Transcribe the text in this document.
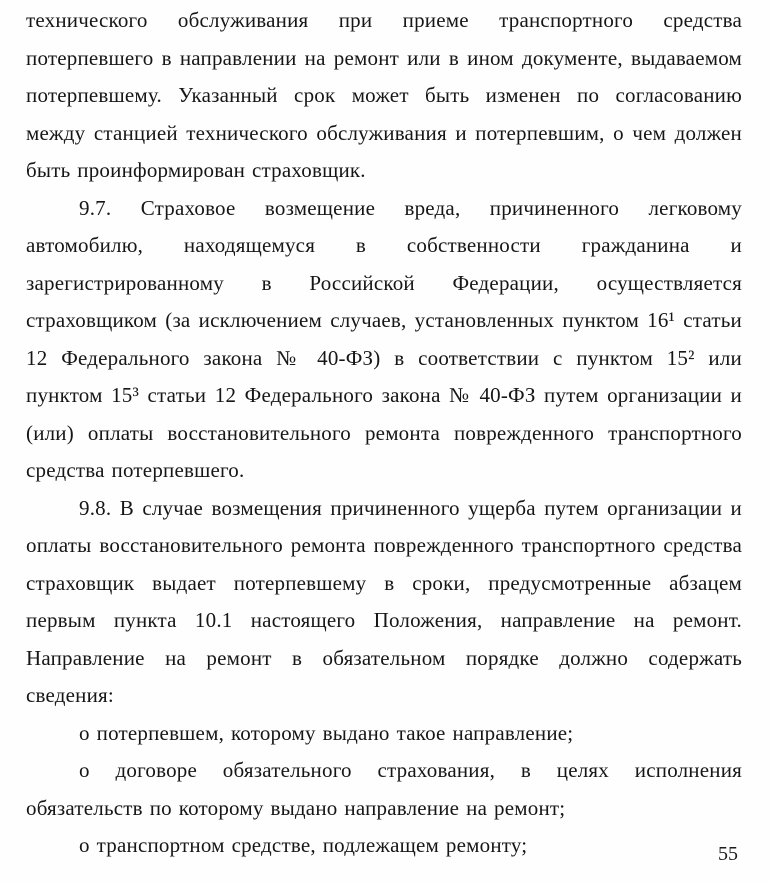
технического обслуживания при приеме транспортного средства потерпевшего в направлении на ремонт или в ином документе, выдаваемом потерпевшему. Указанный срок может быть изменен по согласованию между станцией технического обслуживания и потерпевшим, о чем должен быть проинформирован страховщик.

9.7. Страховое возмещение вреда, причиненного легковому автомобилю, находящемуся в собственности гражданина и зарегистрированному в Российской Федерации, осуществляется страховщиком (за исключением случаев, установленных пунктом 16¹ статьи 12 Федерального закона № 40-ФЗ) в соответствии с пунктом 15² или пунктом 15³ статьи 12 Федерального закона № 40-ФЗ путем организации и (или) оплаты восстановительного ремонта поврежденного транспортного средства потерпевшего.

9.8. В случае возмещения причиненного ущерба путем организации и оплаты восстановительного ремонта поврежденного транспортного средства страховщик выдает потерпевшему в сроки, предусмотренные абзацем первым пункта 10.1 настоящего Положения, направление на ремонт. Направление на ремонт в обязательном порядке должно содержать сведения:

о потерпевшем, которому выдано такое направление;

о договоре обязательного страхования, в целях исполнения обязательств по которому выдано направление на ремонт;

о транспортном средстве, подлежащем ремонту;	55
